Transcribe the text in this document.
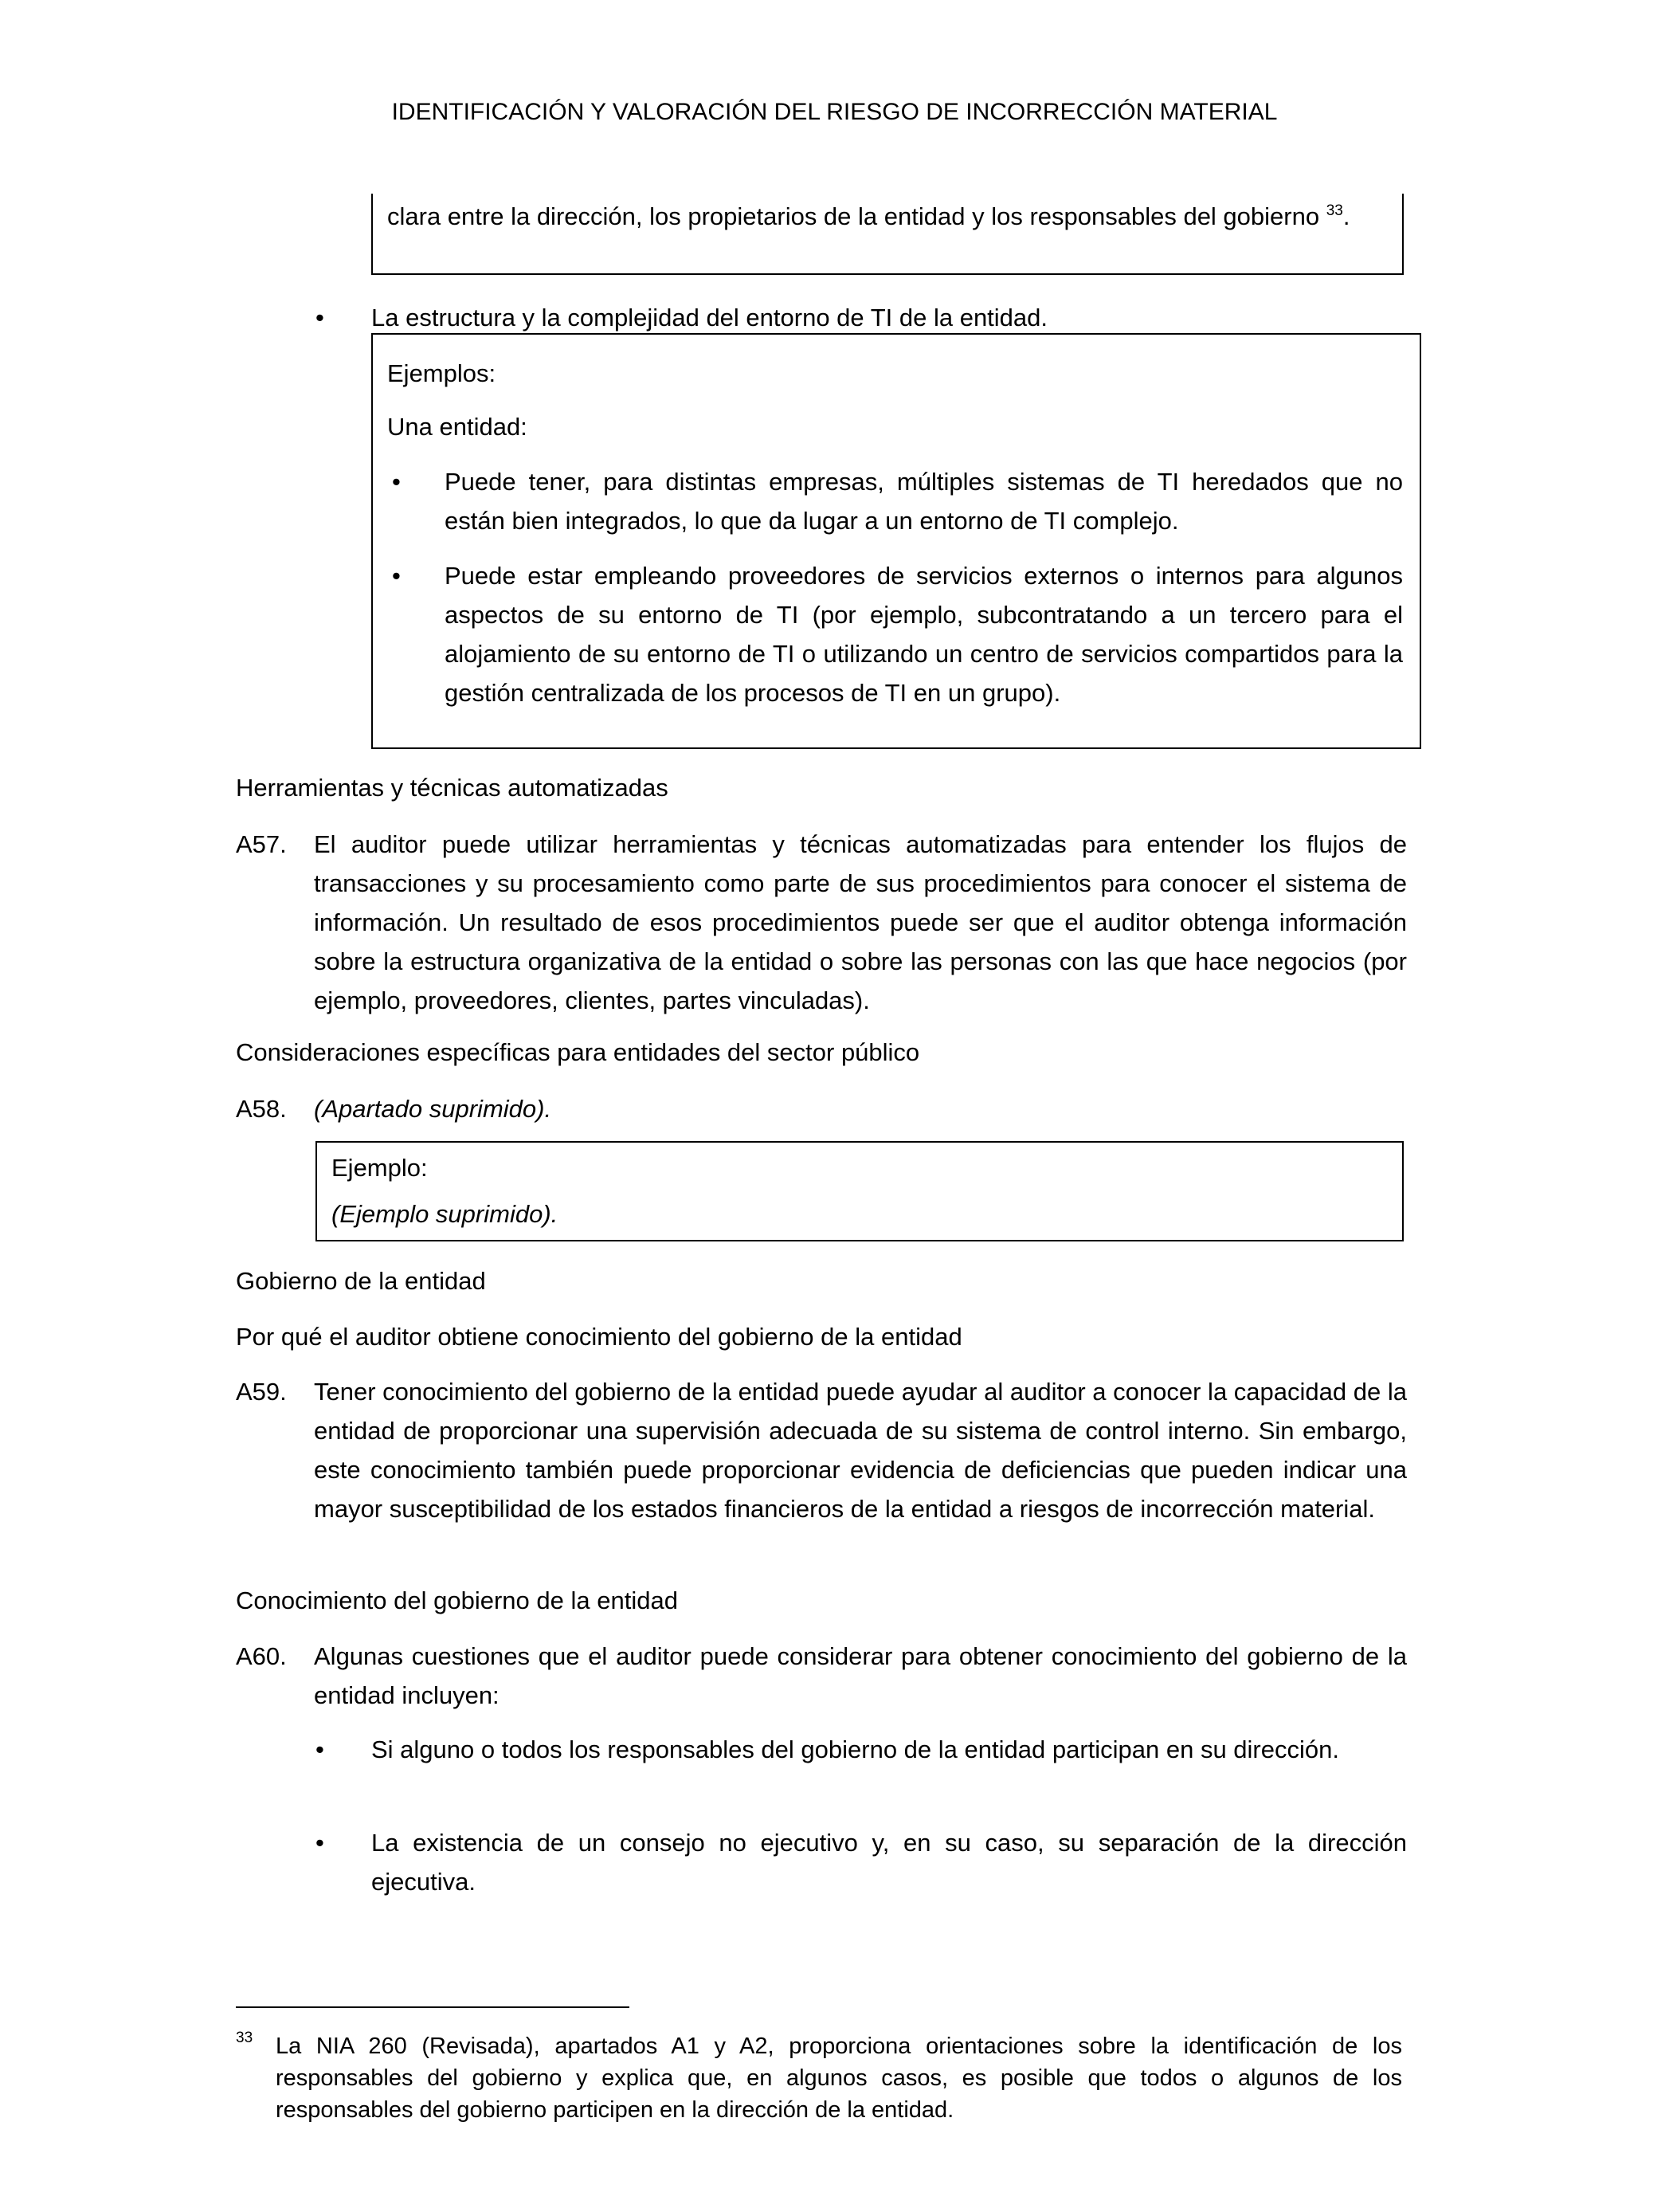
IDENTIFICACIÓN Y VALORACIÓN DEL RIESGO DE INCORRECCIÓN MATERIAL
clara entre la dirección, los propietarios de la entidad y los responsables del gobierno $^{33}$.
• La estructura y la complejidad del entorno de TI de la entidad.
Ejemplos:
Una entidad:
• Puede tener, para distintas empresas, múltiples sistemas de TI heredados que no están bien integrados, lo que da lugar a un entorno de TI complejo.
• Puede estar empleando proveedores de servicios externos o internos para algunos aspectos de su entorno de TI (por ejemplo, subcontratando a un tercero para el alojamiento de su entorno de TI o utilizando un centro de servicios compartidos para la gestión centralizada de los procesos de TI en un grupo).
Herramientas y técnicas automatizadas
A57. El auditor puede utilizar herramientas y técnicas automatizadas para entender los flujos de transacciones y su procesamiento como parte de sus procedimientos para conocer el sistema de información. Un resultado de esos procedimientos puede ser que el auditor obtenga información sobre la estructura organizativa de la entidad o sobre las personas con las que hace negocios (por ejemplo, proveedores, clientes, partes vinculadas).
Consideraciones específicas para entidades del sector público
A58. (Apartado suprimido).
Ejemplo:
(Ejemplo suprimido).
Gobierno de la entidad
Por qué el auditor obtiene conocimiento del gobierno de la entidad
A59. Tener conocimiento del gobierno de la entidad puede ayudar al auditor a conocer la capacidad de la entidad de proporcionar una supervisión adecuada de su sistema de control interno. Sin embargo, este conocimiento también puede proporcionar evidencia de deficiencias que pueden indicar una mayor susceptibilidad de los estados financieros de la entidad a riesgos de incorrección material.
Conocimiento del gobierno de la entidad
A60. Algunas cuestiones que el auditor puede considerar para obtener conocimiento del gobierno de la entidad incluyen:
• Si alguno o todos los responsables del gobierno de la entidad participan en su dirección.
• La existencia de un consejo no ejecutivo y, en su caso, su separación de la dirección ejecutiva.
33 La NIA 260 (Revisada), apartados A1 y A2, proporciona orientaciones sobre la identificación de los responsables del gobierno y explica que, en algunos casos, es posible que todos o algunos de los responsables del gobierno participen en la dirección de la entidad.
